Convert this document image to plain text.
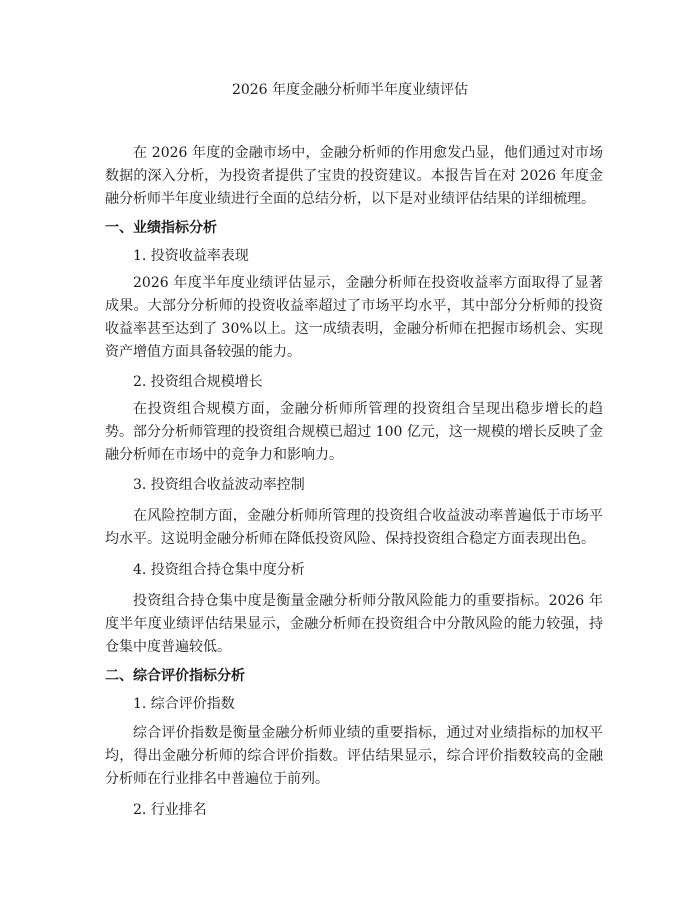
2026 年度金融分析师半年度业绩评估

在 2026 年度的金融市场中，金融分析师的作用愈发凸显，他们通过对市场数据的深入分析，为投资者提供了宝贵的投资建议。本报告旨在对 2026 年度金融分析师半年度业绩进行全面的总结分析，以下是对业绩评估结果的详细梳理。

一、业绩指标分析
1. 投资收益率表现

2026 年度半年度业绩评估显示，金融分析师在投资收益率方面取得了显著成果。大部分分析师的投资收益率超过了市场平均水平，其中部分分析师的投资收益率甚至达到了 30%以上。这一成绩表明，金融分析师在把握市场机会、实现资产增值方面具备较强的能力。

2. 投资组合规模增长

在投资组合规模方面，金融分析师所管理的投资组合呈现出稳步增长的趋势。部分分析师管理的投资组合规模已超过 100 亿元，这一规模的增长反映了金融分析师在市场中的竞争力和影响力。

3. 投资组合收益波动率控制

在风险控制方面，金融分析师所管理的投资组合收益波动率普遍低于市场平均水平。这说明金融分析师在降低投资风险、保持投资组合稳定方面表现出色。

4. 投资组合持仓集中度分析

投资组合持仓集中度是衡量金融分析师分散风险能力的重要指标。2026 年度半年度业绩评估结果显示，金融分析师在投资组合中分散风险的能力较强，持仓集中度普遍较低。

二、综合评价指标分析
1. 综合评价指数

综合评价指数是衡量金融分析师业绩的重要指标，通过对业绩指标的加权平均，得出金融分析师的综合评价指数。评估结果显示，综合评价指数较高的金融分析师在行业排名中普遍位于前列。

2. 行业排名
